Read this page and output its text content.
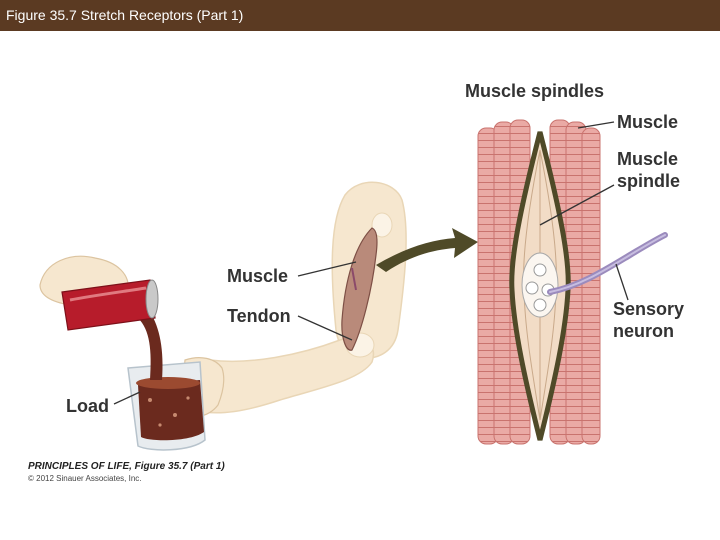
Figure 35.7 Stretch Receptors (Part 1)
Muscle spindles
Muscle
Muscle
spindle
Sensory
neuron
Muscle
Tendon
Load
PRINCIPLES OF LIFE, Figure 35.7 (Part 1)
© 2012 Sinauer Associates, Inc.
